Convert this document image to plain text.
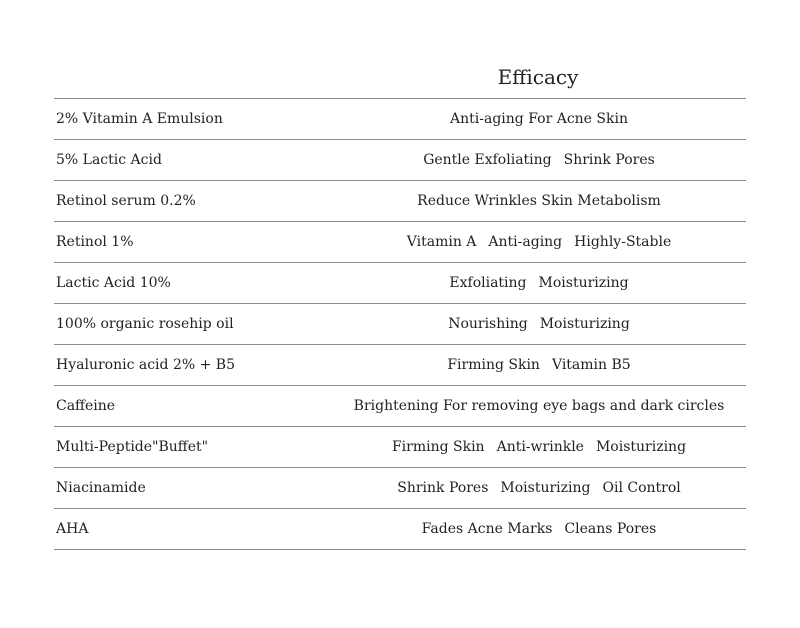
Efficacy
2% Vitamin A Emulsion	Anti-aging For Acne Skin
5% Lactic Acid	Gentle Exfoliating Shrink Pores
Retinol serum 0.2%	Reduce Wrinkles Skin Metabolism
Retinol 1%	Vitamin A Anti-aging Highly-Stable
Lactic Acid 10%	Exfoliating Moisturizing
100% organic rosehip oil	Nourishing Moisturizing
Hyaluronic acid 2% + B5	Firming Skin Vitamin B5
Caffeine	Brightening For removing eye bags and dark circles
Multi-Peptide"Buffet"	Firming Skin Anti-wrinkle Moisturizing
Niacinamide	Shrink Pores Moisturizing Oil Control
AHA	Fades Acne Marks Cleans Pores
